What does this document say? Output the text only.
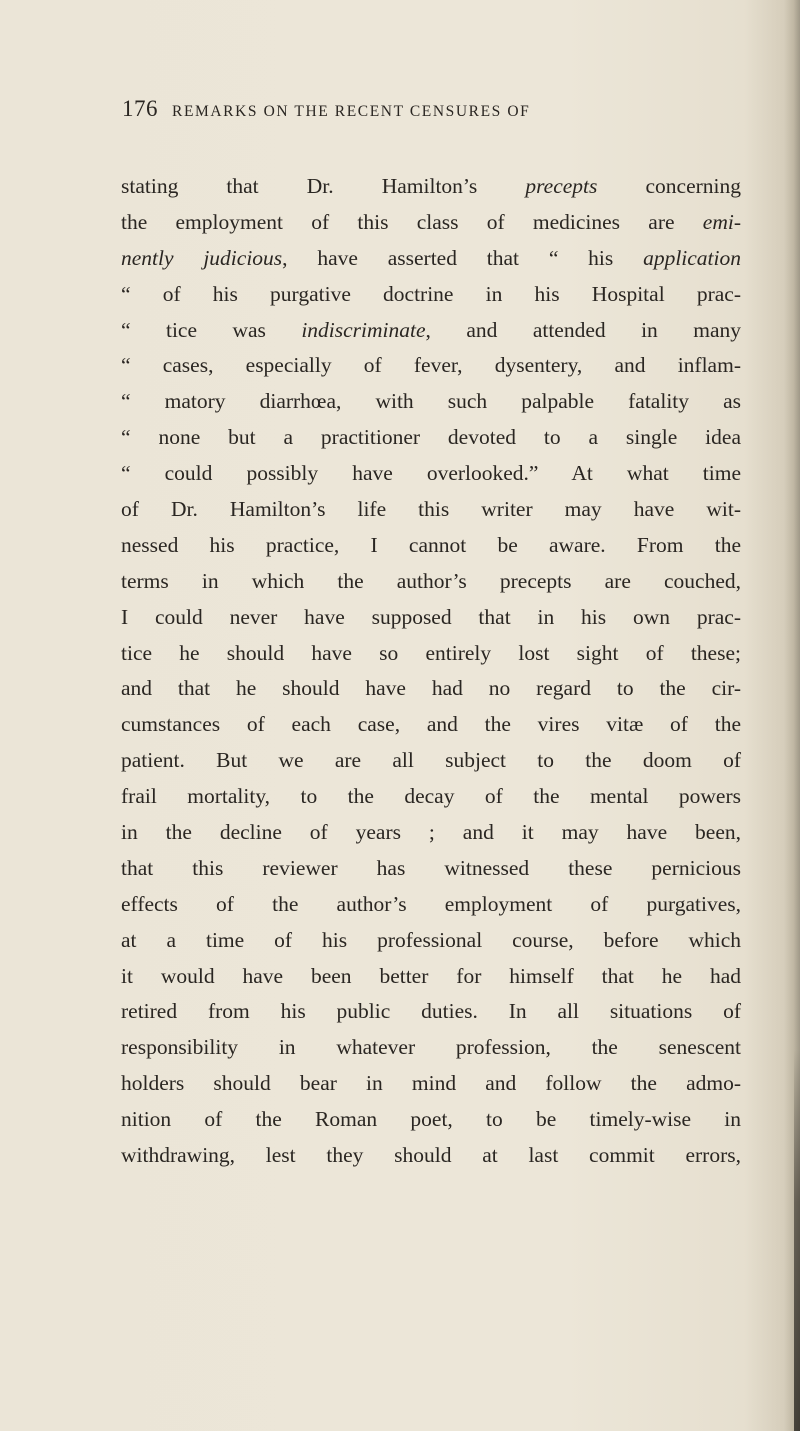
176 REMARKS ON THE RECENT CENSURES OF
stating that Dr. Hamilton’s precepts concerning
the employment of this class of medicines are emi-
nently judicious, have asserted that “ his application
“ of his purgative doctrine in his Hospital prac-
“ tice was indiscriminate, and attended in many
“ cases, especially of fever, dysentery, and inflam-
“ matory diarrhœa, with such palpable fatality as
“ none but a practitioner devoted to a single idea
“ could possibly have overlooked.” At what time
of Dr. Hamilton’s life this writer may have wit-
nessed his practice, I cannot be aware. From the
terms in which the author’s precepts are couched,
I could never have supposed that in his own prac-
tice he should have so entirely lost sight of these;
and that he should have had no regard to the cir-
cumstances of each case, and the vires vitæ of the
patient. But we are all subject to the doom of
frail mortality, to the decay of the mental powers
in the decline of years ; and it may have been,
that this reviewer has witnessed these pernicious
effects of the author’s employment of purgatives,
at a time of his professional course, before which
it would have been better for himself that he had
retired from his public duties. In all situations of
responsibility in whatever profession, the senescent
holders should bear in mind and follow the admo-
nition of the Roman poet, to be timely-wise in
withdrawing, lest they should at last commit errors,
